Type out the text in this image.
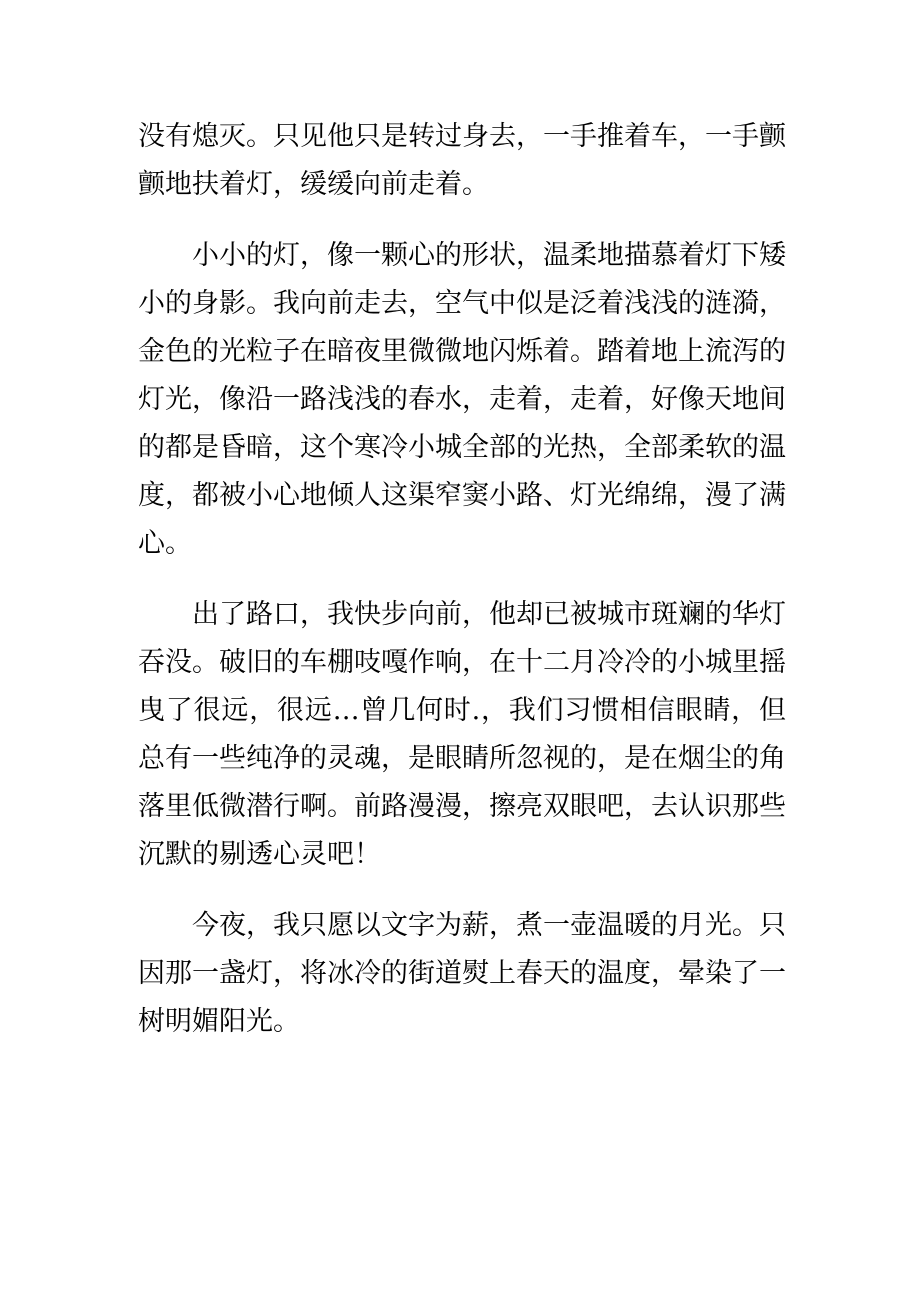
没有熄灭。只见他只是转过身去，一手推着车，一手颤颤地扶着灯，缓缓向前走着。

小小的灯，像一颗心的形状，温柔地描慕着灯下矮小的身影。我向前走去，空气中似是泛着浅浅的涟漪，金色的光粒子在暗夜里微微地闪烁着。踏着地上流泻的灯光，像沿一路浅浅的春水，走着，走着，好像天地间的都是昏暗，这个寒冷小城全部的光热，全部柔软的温度，都被小心地倾人这渠窄窦小路、灯光绵绵，漫了满心。

出了路口，我快步向前，他却已被城市斑斓的华灯吞没。破旧的车棚吱嘎作响，在十二月冷冷的小城里摇曳了很远，很远…曾几何时.，我们习惯相信眼睛，但总有一些纯净的灵魂，是眼睛所忽视的，是在烟尘的角落里低微潜行啊。前路漫漫，擦亮双眼吧，去认识那些沉默的剔透心灵吧！

今夜，我只愿以文字为薪，煮一壶温暖的月光。只因那一盏灯，将冰冷的街道熨上春天的温度，晕染了一树明媚阳光。
